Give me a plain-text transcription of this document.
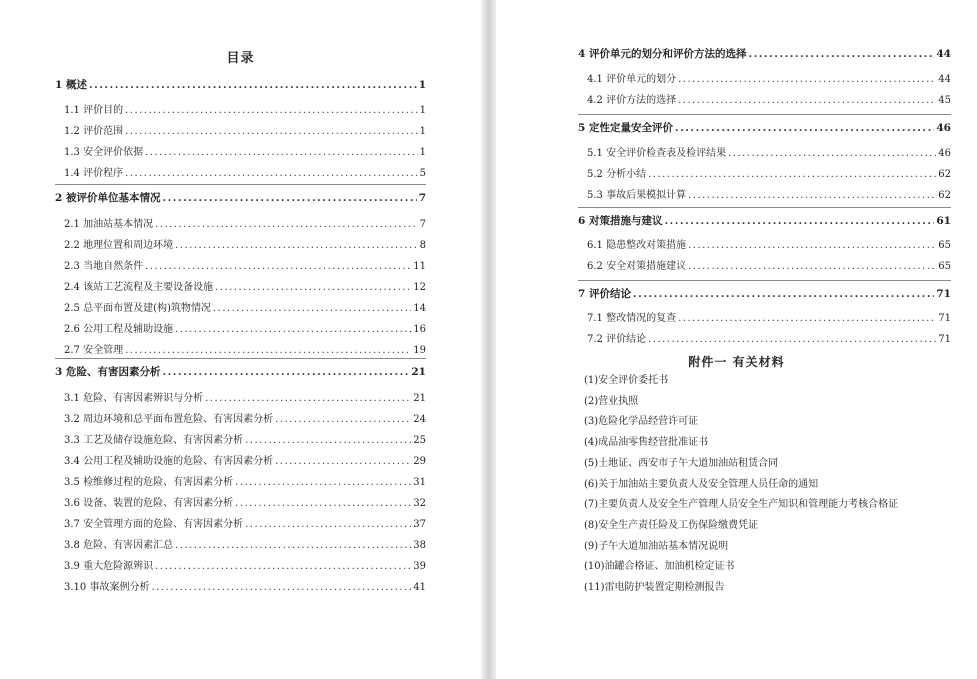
目录
1 概述 .....	1
1.1 评价目的 .....	1
1.2 评价范围 .....	1
1.3 安全评价依据 .....	1
1.4 评价程序 .....	5
2 被评价单位基本情况 .....	7
2.1 加油站基本情况 .....	7
2.2 地理位置和周边环境 .....	8
2.3 当地自然条件 .....	11
2.4 该站工艺流程及主要设备设施 .....	12
2.5 总平面布置及建(构)筑物情况 .....	14
2.6 公用工程及辅助设施 .....	16
2.7 安全管理 .....	19
3 危险、有害因素分析 .....	21
3.1 危险、有害因素辨识与分析 .....	21
3.2 周边环境和总平面布置危险、有害因素分析 .....	24
3.3 工艺及储存设施危险、有害因素分析 .....	25
3.4 公用工程及辅助设施的危险、有害因素分析 .....	29
3.5 检维修过程的危险、有害因素分析 .....	31
3.6 设备、装置的危险、有害因素分析 .....	32
3.7 安全管理方面的危险、有害因素分析 .....	37
3.8 危险、有害因素汇总 .....	38
3.9 重大危险源辨识 .....	39
3.10 事故案例分析 .....	41
4 评价单元的划分和评价方法的选择 .....	44
4.1 评价单元的划分 .....	44
4.2 评价方法的选择 .....	45
5 定性定量安全评价 .....	46
5.1 安全评价检查表及检评结果 .....	46
5.2 分析小结 .....	62
5.3 事故后果模拟计算 .....	62
6 对策措施与建议 .....	61
6.1 隐患整改对策措施 .....	65
6.2 安全对策措施建议 .....	65
7 评价结论 .....	71
7.1 整改情况的复查 .....	71
7.2 评价结论 .....	71
附件一 有关材料
(1)安全评价委托书
(2)营业执照
(3)危险化学品经营许可证
(4)成品油零售经营批准证书
(5)土地证、西安市子午大道加油站租赁合同
(6)关于加油站主要负责人及安全管理人员任命的通知
(7)主要负责人及安全生产管理人员安全生产知识和管理能力考核合格证
(8)安全生产责任险及工伤保险缴费凭证
(9)子午大道加油站基本情况说明
(10)油罐合格证、加油机检定证书
(11)雷电防护装置定期检测报告
